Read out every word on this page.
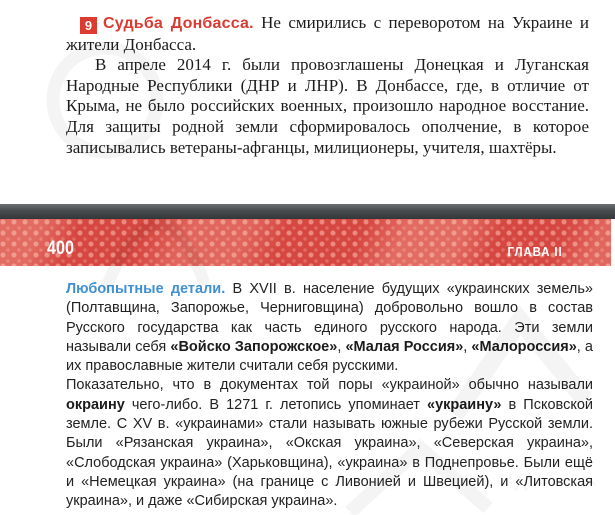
9 Судьба Донбасса. Не смирились с переворотом на Украине и жители Донбасса.

В апреле 2014 г. были провозглашены Донецкая и Луганская Народные Республики (ДНР и ЛНР). В Донбассе, где, в отличие от Крыма, не было российских военных, произошло народное восстание. Для защиты родной земли сформировалось ополчение, в которое записывались ветераны-афганцы, милиционеры, учителя, шахтёры.

400	ГЛАВА II

Любопытные детали. В XVII в. население будущих «украинских земель» (Полтавщина, Запорожье, Черниговщина) добровольно вошло в состав Русского государства как часть единого русского народа. Эти земли называли себя «Войско Запорожское», «Малая Россия», «Малороссия», а их православные жители считали себя русскими.

Показательно, что в документах той поры «украиной» обычно называли окраину чего-либо. В 1271 г. летопись упоминает «украину» в Псковской земле. С XV в. «украинами» стали называть южные рубежи Русской земли. Были «Рязанская украина», «Окская украина», «Северская украина», «Слободская украина» (Харьковщина), «украина» в Поднепровье. Были ещё и «Немецкая украина» (на границе с Ливонией и Швецией), и «Литовская украина», и даже «Сибирская украина».
